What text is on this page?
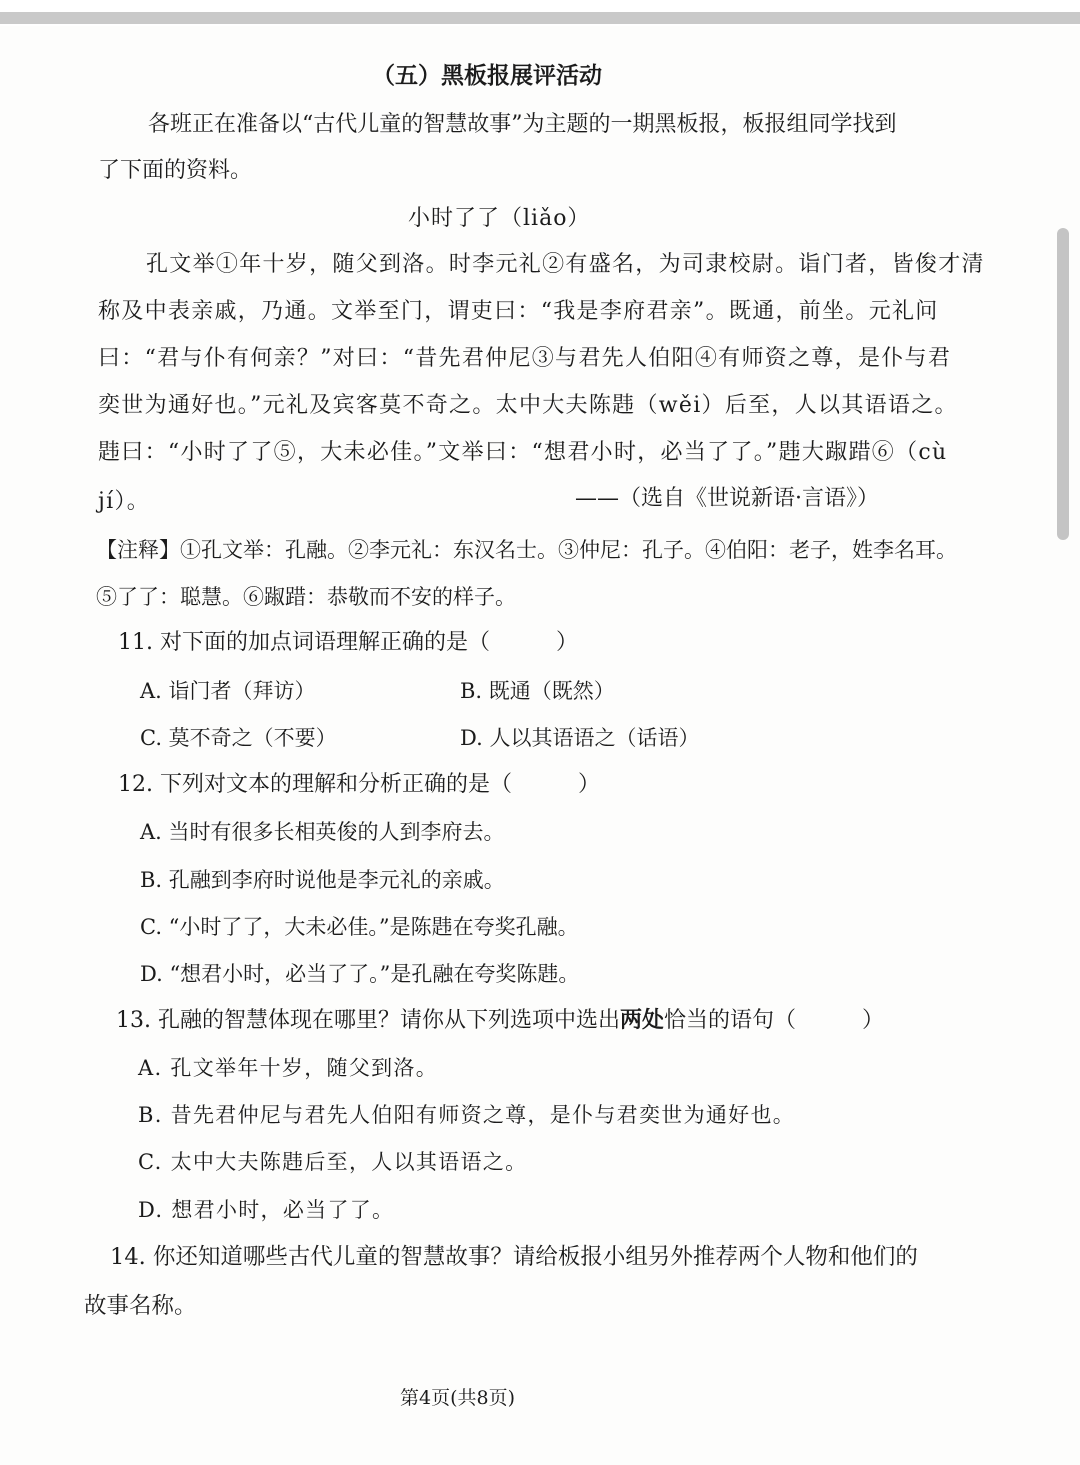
（五）黑板报展评活动
各班正在准备以“古代儿童的智慧故事”为主题的一期黑板报，板报组同学找到
了下面的资料。
小时了了（liǎo）
孔文举①年十岁，随父到洛。时李元礼②有盛名，为司隶校尉。诣门者，皆俊才清
称及中表亲戚，乃通。文举至门，谓吏曰：“我是李府君亲”。既通，前坐。元礼问
曰：“君与仆有何亲？”对曰：“昔先君仲尼③与君先人伯阳④有师资之尊，是仆与君
奕世为通好也。”元礼及宾客莫不奇之。太中大夫陈韪（wěi）后至，人以其语语之。
韪曰：“小时了了⑤，大未必佳。”文举曰：“想君小时，必当了了。”韪大踧踖⑥（cù
jí）。	——（选自《世说新语·言语》）
【注释】①孔文举：孔融。②李元礼：东汉名士。③仲尼：孔子。④伯阳：老子，姓李名耳。
⑤了了：聪慧。⑥踧踖：恭敬而不安的样子。
11. 对下面的加点词语理解正确的是（　　　）
A. 诣门者（拜访）	B. 既通（既然）
C. 莫不奇之（不要）	D. 人以其语语之（话语）
12. 下列对文本的理解和分析正确的是（　　　）
A. 当时有很多长相英俊的人到李府去。
B. 孔融到李府时说他是李元礼的亲戚。
C. “小时了了，大未必佳。”是陈韪在夸奖孔融。
D. “想君小时，必当了了。”是孔融在夸奖陈韪。
13. 孔融的智慧体现在哪里？请你从下列选项中选出两处恰当的语句（　　　）
A. 孔文举年十岁，随父到洛。
B. 昔先君仲尼与君先人伯阳有师资之尊，是仆与君奕世为通好也。
C. 太中大夫陈韪后至，人以其语语之。
D. 想君小时，必当了了。
14. 你还知道哪些古代儿童的智慧故事？请给板报小组另外推荐两个人物和他们的
故事名称。
第4页(共8页)
